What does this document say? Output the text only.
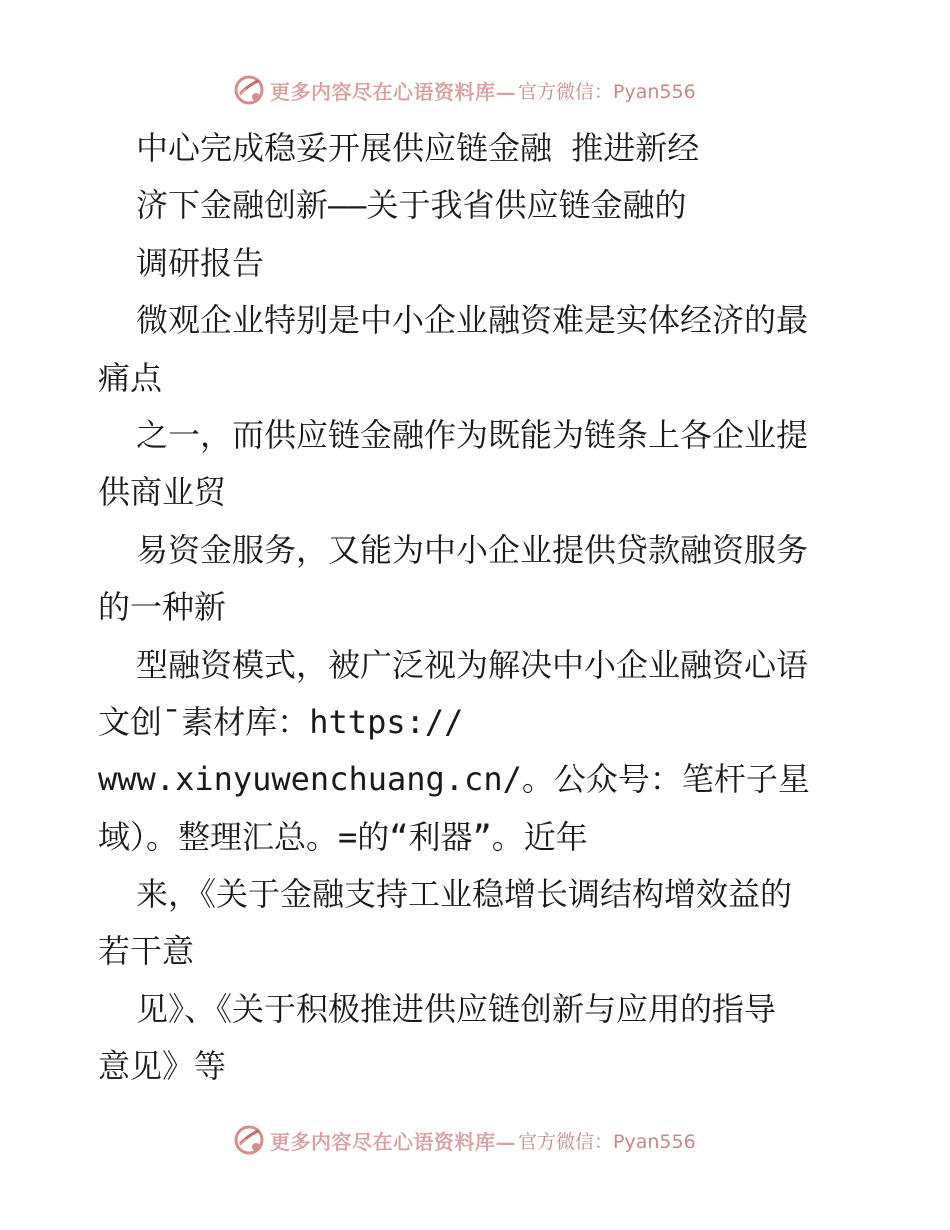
更多内容尽在心语资料库— 官方微信：Pyan556

中心完成稳妥开展供应链金融 推进新经

济下金融创新——关于我省供应链金融的

调研报告

微观企业特别是中小企业融资难是实体经济的最

痛点

之一，而供应链金融作为既能为链条上各企业提

供商业贸

易资金服务，又能为中小企业提供贷款融资服务

的一种新

型融资模式，被广泛视为解决中小企业融资心语

文创¯素材库：https://

www.xinyuwenchuang.cn/。公众号：笔杆子星

域）。整理汇总。=的“利器”。近年

来，《关于金融支持工业稳增长调结构增效益的

若干意

见》、《关于积极推进供应链创新与应用的指导

意见》等

更多内容尽在心语资料库— 官方微信：Pyan556
